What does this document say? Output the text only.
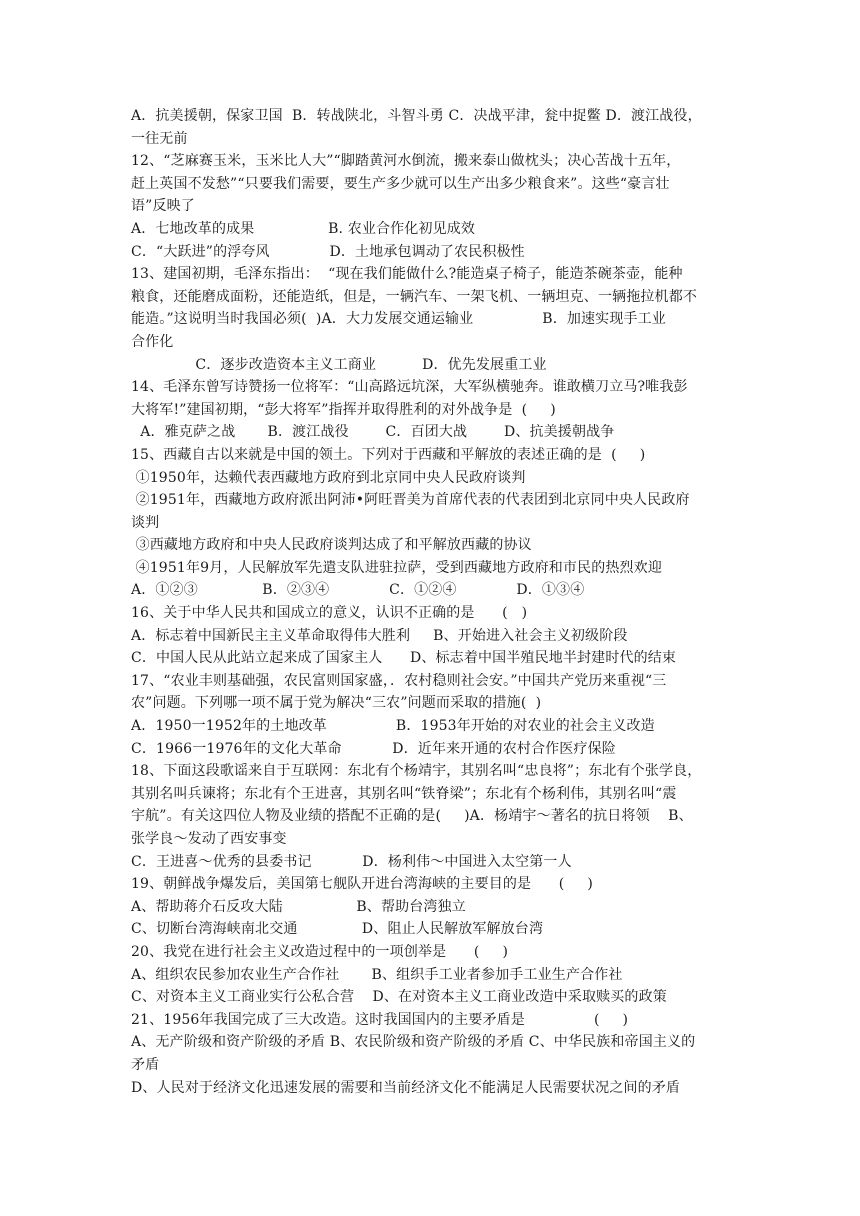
A．抗美援朝，保家卫国  B．转战陕北，斗智斗勇 C．决战平津，瓮中捉鳖 D．渡江战役，
一往无前
12、“芝麻赛玉米，玉米比人大”“脚踏黄河水倒流，搬来泰山做枕头；决心苦战十五年，
赶上英国不发愁”“只要我们需要，要生产多少就可以生产出多少粮食来”。这些“豪言壮
语”反映了
A．七地改革的成果                B. 农业合作化初见成效
C．“大跃进”的浮夸风             D．土地承包调动了农民积极性
13、建国初期，毛泽东指出：  “现在我们能做什么?能造桌子椅子，能造茶碗茶壶，能种
粮食，还能磨成面粉，还能造纸，但是，一辆汽车、一架飞机、一辆坦克、一辆拖拉机都不
能造。”这说明当时我国必须(  )A．大力发展交通运输业               B．加速实现手工业
合作化
C．逐步改造资本主义工商业          D．优先发展重工业
14、毛泽东曾写诗赞扬一位将军：“山高路远坑深，大军纵横驰奔。谁敢横刀立马?唯我彭
大将军!”建国初期，“彭大将军”指挥并取得胜利的对外战争是  (     )
A．雅克萨之战       B．渡江战役        C．百团大战        D、抗美援朝战争
15、西藏自古以来就是中国的领土。下列对于西藏和平解放的表述正确的是  (     )
①1950年，达赖代表西藏地方政府到北京同中央人民政府谈判
②1951年，西藏地方政府派出阿沛•阿旺晋美为首席代表的代表团到北京同中央人民政府
谈判
③西藏地方政府和中央人民政府谈判达成了和平解放西藏的协议
④1951年9月，人民解放军先遣支队进驻拉萨，受到西藏地方政府和市民的热烈欢迎
A．①②③              B．②③④             C．①②④             D．①③④
16、关于中华人民共和国成立的意义，认识不正确的是      (   )
A．标志着中国新民主主义革命取得伟大胜利     B、开始进入社会主义初级阶段
C．中国人民从此站立起来成了国家主人      D、标志着中国半殖民地半封建时代的结束
17、“农业丰则基础强，农民富则国家盛，．农村稳则社会安。”中国共产党历来重视“三
农”问题。下列哪一项不属于党为解决“三农”问题而采取的措施(  )
A．1950一1952年的土地改革               B．1953年开始的对农业的社会主义改造
C．1966一1976年的文化大革命           D．近年来开通的农村合作医疗保险
18、下面这段歌谣来自于互联网：东北有个杨靖宇，其别名叫“忠良将”；东北有个张学良，
其别名叫兵谏将；东北有个王进喜，其别名叫“铁脊梁”；东北有个杨利伟，其别名叫“震
宇航”。有关这四位人物及业绩的搭配不正确的是(     )A．杨靖宇～著名的抗日将领    B、
张学良～发动了西安事变
C．王进喜～优秀的县委书记           D．杨利伟～中国进入太空第一人
19、朝鲜战争爆发后，美国第七舰队开进台湾海峡的主要目的是      (     )
A、帮助蒋介石反攻大陆                B、帮助台湾独立
C、切断台湾海峡南北交通              D、阻止人民解放军解放台湾
20、我党在进行社会主义改造过程中的一项创举是      (     )
A、组织农民参加农业生产合作社       B、组织手工业者参加手工业生产合作社
C、对资本主义工商业实行公私合营    D、在对资本主义工商业改造中采取赎买的政策
21、1956年我国完成了三大改造。这时我国国内的主要矛盾是               (     )
A、无产阶级和资产阶级的矛盾 B、农民阶级和资产阶级的矛盾 C、中华民族和帝国主义的
矛盾
D、人民对于经济文化迅速发展的需要和当前经济文化不能满足人民需要状况之间的矛盾
